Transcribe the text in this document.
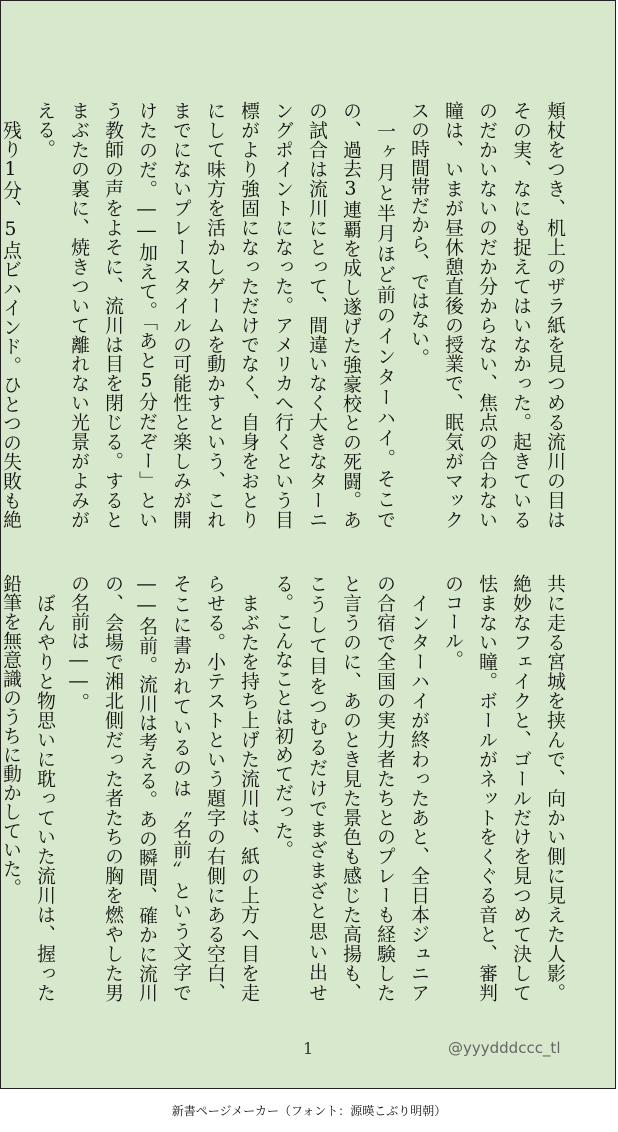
頬杖をつき、机上のザラ紙を見つめる流川の目はその実、なにも捉えてはいなかった。起きているのだかいないのだか分からない、焦点の合わない瞳は、いまが昼休憩直後の授業で、眠気がマックスの時間帯だから、ではない。

　一ヶ月と半月ほど前のインターハイ。そこでの、過去3連覇を成し遂げた強豪校との死闘。あの試合は流川にとって、間違いなく大きなターニングポイントになった。アメリカへ行くという目標がより強固になっただけでなく、自身をおとりにして味方を活かしゲームを動かすという、これまでにないプレースタイルの可能性と楽しみが開けたのだ。――加えて。「あと5分だぞー」という教師の声をよそに、流川は目を閉じる。するとまぶたの裏に、焼きついて離れない光景がよみがえる。

　残り1分、5点ビハインド。ひとつの失敗も絶

共に走る宮城を挟んで、向かい側に見えた人影。絶妙なフェイクと、ゴールだけを見つめて決して怯まない瞳。ボールがネットをくぐる音と、審判のコール。

　インターハイが終わったあと、全日本ジュニアの合宿で全国の実力者たちとのプレーも経験したと言うのに、あのとき見た景色も感じた高揚も、こうして目をつむるだけでまざまざと思い出せる。こんなことは初めてだった。

　まぶたを持ち上げた流川は、紙の上方へ目を走らせる。小テストという題字の右側にある空白、そこに書かれているのは〝名前〟という文字で――名前。流川は考える。あの瞬間、確かに流川の、会場で湘北側だった者たちの胸を燃やした男の名前は――。

　ぼんやりと物思いに耽っていた流川は、握った鉛筆を無意識のうちに動かしていた。

1	@yyydddccc_tl
新書ページメーカー（フォント：源暎こぶり明朝）
